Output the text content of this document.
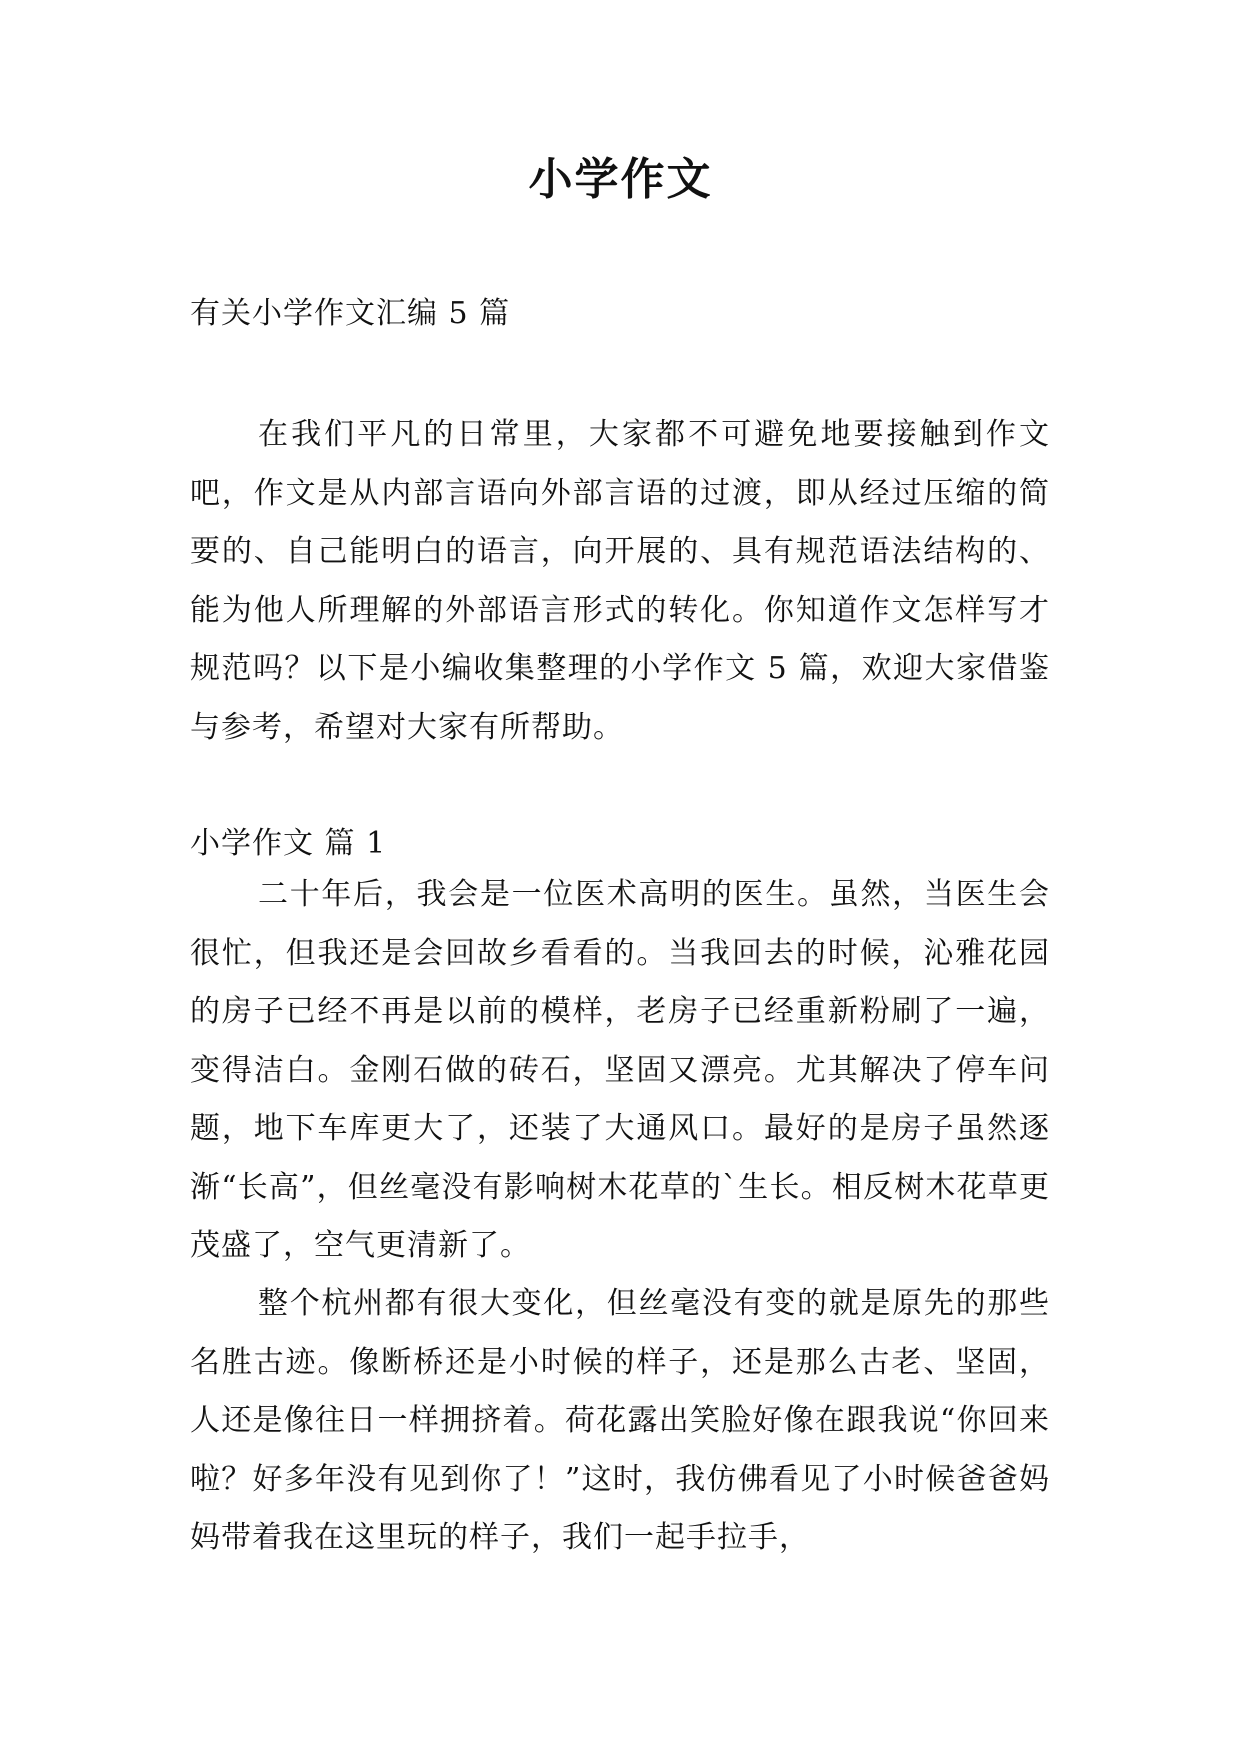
小学作文
有关小学作文汇编 5 篇

在我们平凡的日常里，大家都不可避免地要接触到作文吧，作文是从内部言语向外部言语的过渡，即从经过压缩的简要的、自己能明白的语言，向开展的、具有规范语法结构的、能为他人所理解的外部语言形式的转化。你知道作文怎样写才规范吗？以下是小编收集整理的小学作文 5 篇，欢迎大家借鉴与参考，希望对大家有所帮助。

小学作文 篇 1

二十年后，我会是一位医术高明的医生。虽然，当医生会很忙，但我还是会回故乡看看的。当我回去的时候，沁雅花园的房子已经不再是以前的模样，老房子已经重新粉刷了一遍，变得洁白。金刚石做的砖石，坚固又漂亮。尤其解决了停车问题，地下车库更大了，还装了大通风口。最好的是房子虽然逐渐“长高”，但丝毫没有影响树木花草的`生长。相反树木花草更茂盛了，空气更清新了。

整个杭州都有很大变化，但丝毫没有变的就是原先的那些名胜古迹。像断桥还是小时候的样子，还是那么古老、坚固，人还是像往日一样拥挤着。荷花露出笑脸好像在跟我说“你回来啦？好多年没有见到你了！”这时，我仿佛看见了小时候爸爸妈妈带着我在这里玩的样子，我们一起手拉手，
